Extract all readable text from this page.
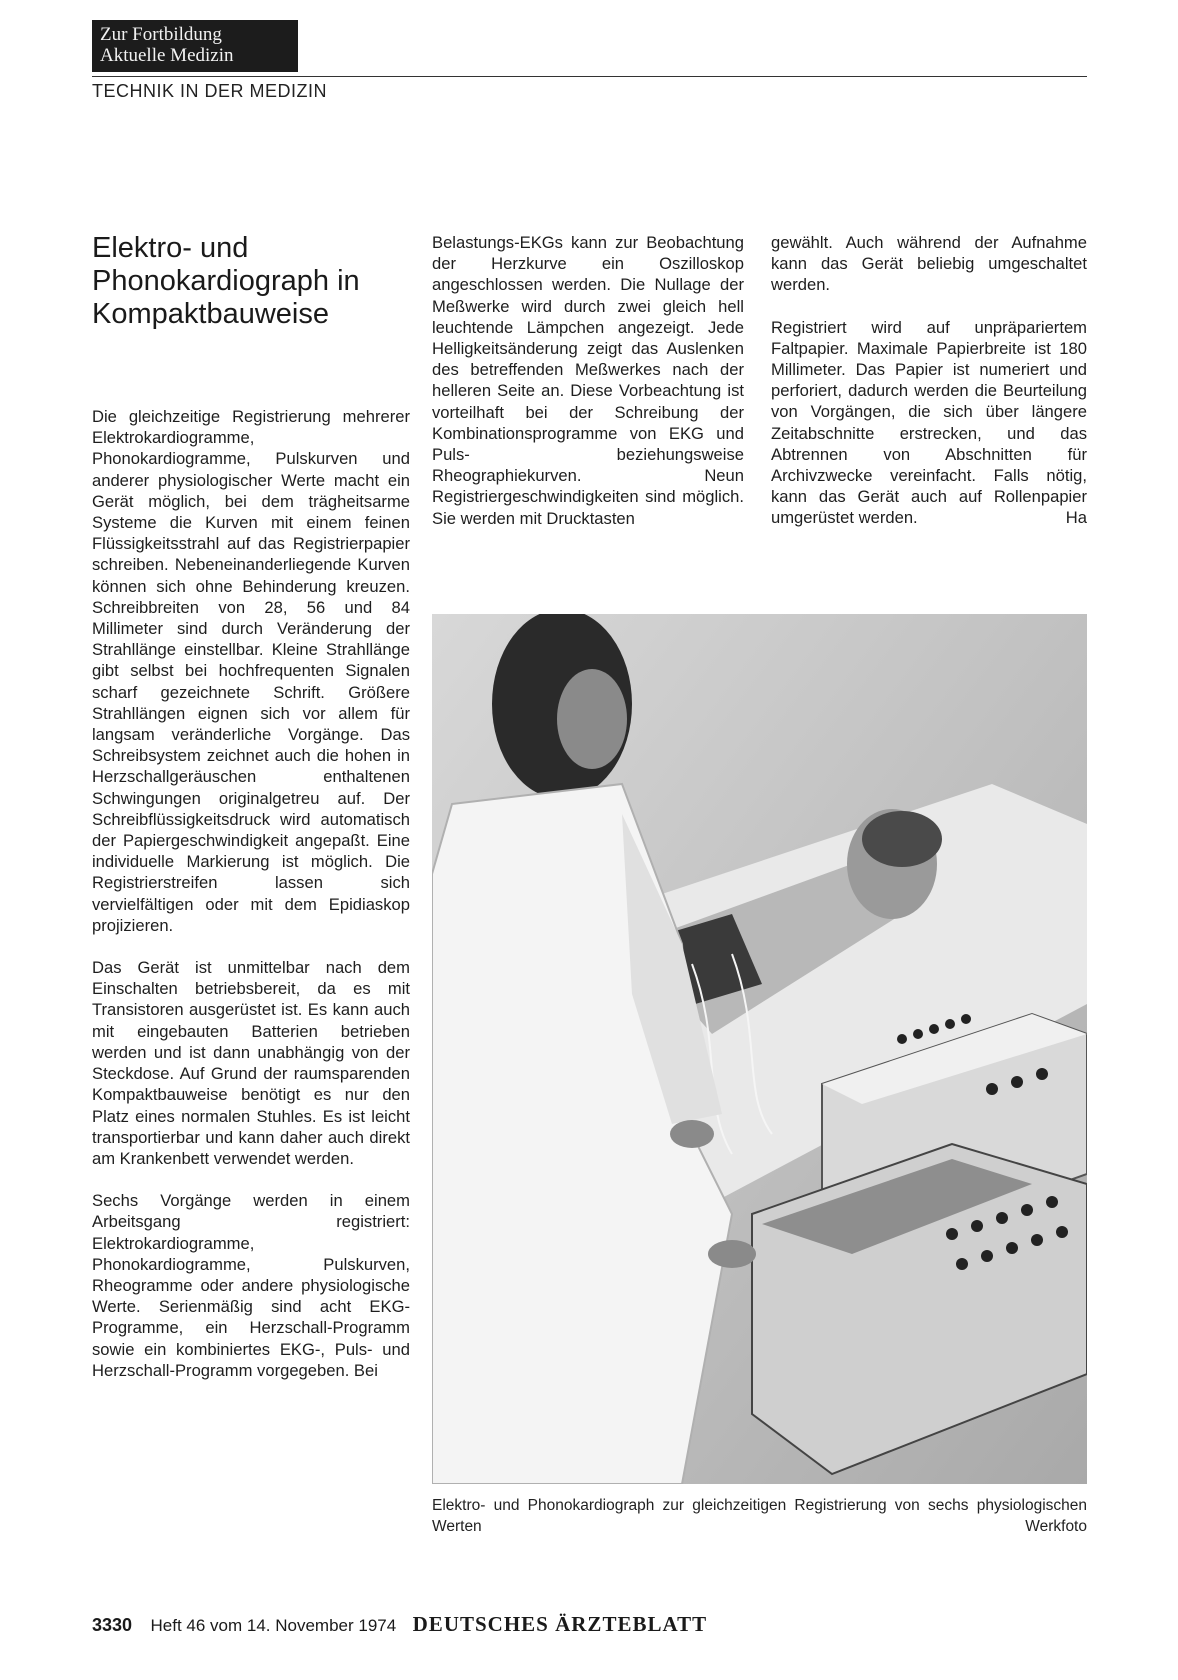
Zur Fortbildung
Aktuelle Medizin
TECHNIK IN DER MEDIZIN
Elektro- und
Phonokardiograph in
Kompaktbauweise

Die gleichzeitige Registrierung mehrerer Elektrokardiogramme, Phonokardiogramme, Pulskurven und anderer physiologischer Werte macht ein Gerät möglich, bei dem trägheitsarme Systeme die Kurven mit einem feinen Flüssigkeitsstrahl auf das Registrierpapier schreiben. Nebeneinanderliegende Kurven können sich ohne Behinderung kreuzen. Schreibbreiten von 28, 56 und 84 Millimeter sind durch Veränderung der Strahllänge einstellbar. Kleine Strahllänge gibt selbst bei hochfrequenten Signalen scharf gezeichnete Schrift. Größere Strahllängen eignen sich vor allem für langsam veränderliche Vorgänge. Das Schreibsystem zeichnet auch die hohen in Herzschallgeräuschen enthaltenen Schwingungen originalgetreu auf. Der Schreibflüssigkeitsdruck wird automatisch der Papiergeschwindigkeit angepaßt. Eine individuelle Markierung ist möglich. Die Registrierstreifen lassen sich vervielfältigen oder mit dem Epidiaskop projizieren.

Das Gerät ist unmittelbar nach dem Einschalten betriebsbereit, da es mit Transistoren ausgerüstet ist. Es kann auch mit eingebauten Batterien betrieben werden und ist dann unabhängig von der Steckdose. Auf Grund der raumsparenden Kompaktbauweise benötigt es nur den Platz eines normalen Stuhles. Es ist leicht transportierbar und kann daher auch direkt am Krankenbett verwendet werden.

Sechs Vorgänge werden in einem Arbeitsgang registriert: Elektrokardiogramme, Phonokardiogramme, Pulskurven, Rheogramme oder andere physiologische Werte. Serienmäßig sind acht EKG-Programme, ein Herzschall-Programm sowie ein kombiniertes EKG-, Puls- und Herzschall-Programm vorgegeben. Bei

Belastungs-EKGs kann zur Beobachtung der Herzkurve ein Oszilloskop angeschlossen werden. Die Nullage der Meßwerke wird durch zwei gleich hell leuchtende Lämpchen angezeigt. Jede Helligkeitsänderung zeigt das Auslenken des betreffenden Meßwerkes nach der helleren Seite an. Diese Vorbeachtung ist vorteilhaft bei der Schreibung der Kombinationsprogramme von EKG und Puls- beziehungsweise Rheographiekurven. Neun Registriergeschwindigkeiten sind möglich. Sie werden mit Drucktasten

gewählt. Auch während der Aufnahme kann das Gerät beliebig umgeschaltet werden.

Registriert wird auf unpräpariertem Faltpapier. Maximale Papierbreite ist 180 Millimeter. Das Papier ist numeriert und perforiert, dadurch werden die Beurteilung von Vorgängen, die sich über längere Zeitabschnitte erstrecken, und das Abtrennen von Abschnitten für Archivzwecke vereinfacht. Falls nötig, kann das Gerät auch auf Rollenpapier umgerüstet werden.	Ha

Elektro- und Phonokardiograph zur gleichzeitigen Registrierung von sechs physiologischen Werten	Werkfoto
3330 Heft 46 vom 14. November 1974 DEUTSCHES ÄRZTEBLATT
